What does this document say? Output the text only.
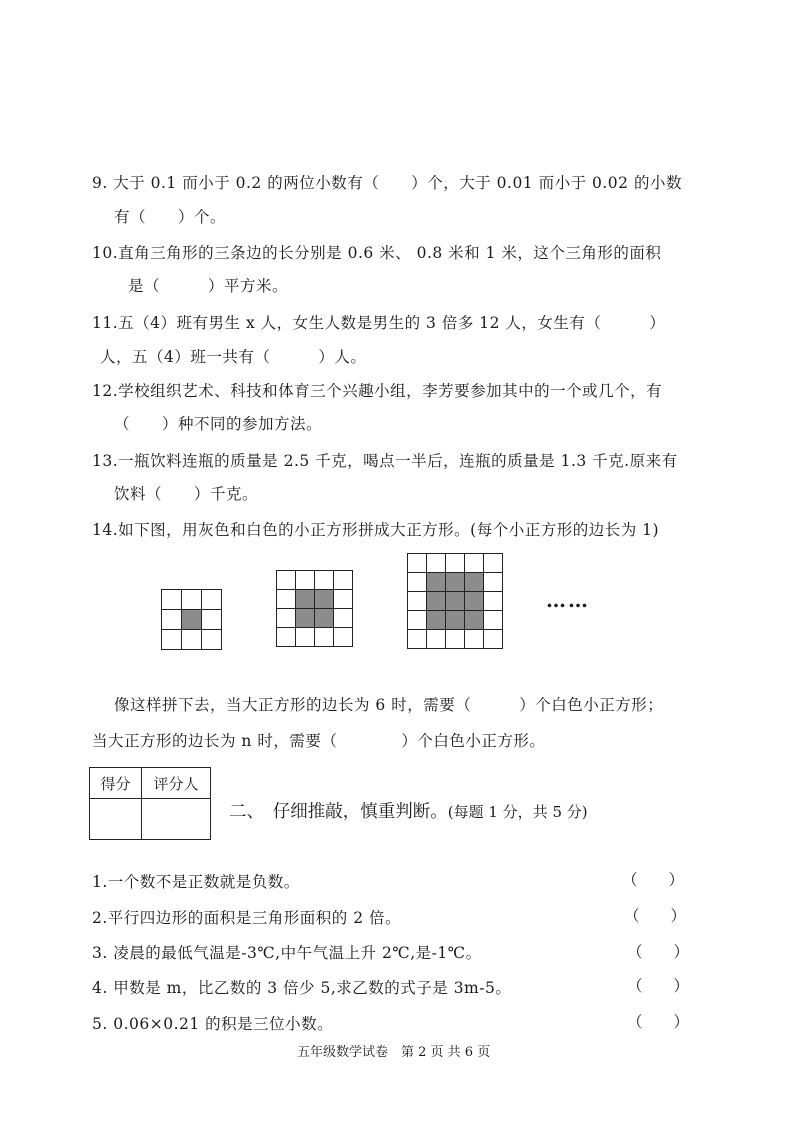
9. 大于 0.1 而小于 0.2 的两位小数有（　　）个，大于 0.01 而小于 0.02 的小数
有（　　）个。
10.直角三角形的三条边的长分别是 0.6 米、 0.8 米和 1 米，这个三角形的面积
是（　　　）平方米。
11.五（4）班有男生 x 人，女生人数是男生的 3 倍多 12 人，女生有（　　　）
人，五（4）班一共有（　　　）人。
12.学校组织艺术、科技和体育三个兴趣小组，李芳要参加其中的一个或几个，有
（　　）种不同的参加方法。
13.一瓶饮料连瓶的质量是 2.5 千克，喝点一半后，连瓶的质量是 1.3 千克.原来有
饮料（　　）千克。
14.如下图，用灰色和白色的小正方形拼成大正方形。(每个小正方形的边长为 1)

……
像这样拼下去，当大正方形的边长为 6 时，需要（　　　）个白色小正方形；
当大正方形的边长为 n 时，需要（　　　　）个白色小正方形。
得分	评分人

二、　仔细推敲，慎重判断。(每题 1 分，共 5 分)
1.一个数不是正数就是负数。	（　　）
2.平行四边形的面积是三角形面积的 2 倍。	（　　）
3. 凌晨的最低气温是-3℃,中午气温上升 2℃,是-1℃。	（　　）
4. 甲数是 m，比乙数的 3 倍少 5,求乙数的式子是 3m-5。	（　　）
5. 0.06×0.21 的积是三位小数。	（　　）
五年级数学试卷　第 2 页 共 6 页
